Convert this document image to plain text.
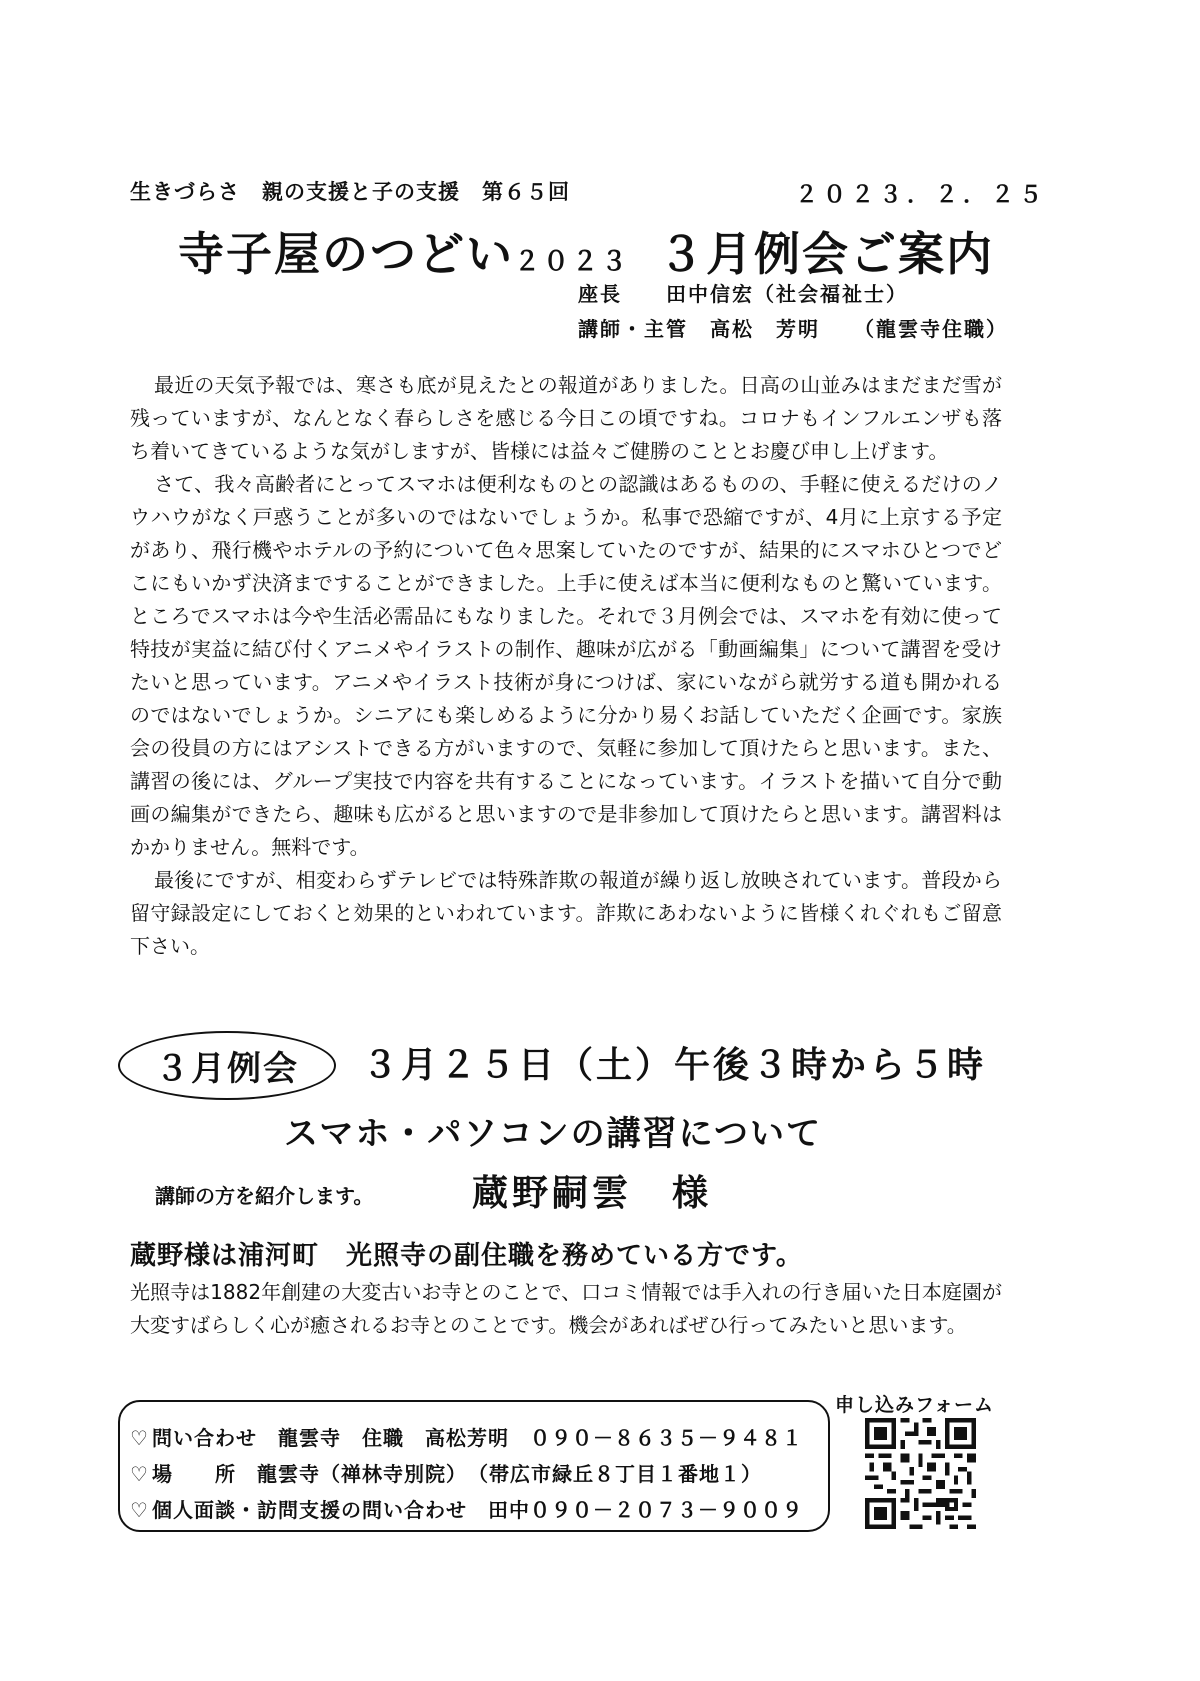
生きづらさ　親の支援と子の支援　第６５回	２０２３．２．２５
寺子屋のつどい２０２３ ３月例会ご案内
座長　　田中信宏（社会福祉士）
講師・主管　高松　芳明　　（龍雲寺住職）

最近の天気予報では、寒さも底が見えたとの報道がありました。日高の山並みはまだまだ雪が残っていますが、なんとなく春らしさを感じる今日この頃ですね。コロナもインフルエンザも落ち着いてきているような気がしますが、皆様には益々ご健勝のこととお慶び申し上げます。

さて、我々高齢者にとってスマホは便利なものとの認識はあるものの、手軽に使えるだけのノウハウがなく戸惑うことが多いのではないでしょうか。私事で恐縮ですが、4月に上京する予定があり、飛行機やホテルの予約について色々思案していたのですが、結果的にスマホひとつでどこにもいかず決済まですることができました。上手に使えば本当に便利なものと驚いています。ところでスマホは今や生活必需品にもなりました。それで３月例会では、スマホを有効に使って特技が実益に結び付くアニメやイラストの制作、趣味が広がる「動画編集」について講習を受けたいと思っています。アニメやイラスト技術が身につけば、家にいながら就労する道も開かれるのではないでしょうか。シニアにも楽しめるように分かり易くお話していただく企画です。家族会の役員の方にはアシストできる方がいますので、気軽に参加して頂けたらと思います。また、講習の後には、グループ実技で内容を共有することになっています。イラストを描いて自分で動画の編集ができたら、趣味も広がると思いますので是非参加して頂けたらと思います。講習料はかかりません。無料です。

最後にですが、相変わらずテレビでは特殊詐欺の報道が繰り返し放映されています。普段から留守録設定にしておくと効果的といわれています。詐欺にあわないように皆様くれぐれもご留意下さい。

３月例会 ３月２５日（土）午後３時から５時
スマホ・パソコンの講習について
講師の方を紹介します。	蔵野嗣雲　様
蔵野様は浦河町　光照寺の副住職を務めている方です。
光照寺は1882年創建の大変古いお寺とのことで、口コミ情報では手入れの行き届いた日本庭園が大変すばらしく心が癒されるお寺とのことです。機会があればぜひ行ってみたいと思います。
申し込みフォーム
♡ 問い合わせ　龍雲寺　住職　高松芳明　０９０－８６３５－９４８１
♡ 場　　所　龍雲寺（禅林寺別院）　（帯広市緑丘８丁目１番地１）
♡ 個人面談・訪問支援の問い合わせ　田中０９０－２０７３－９００９
